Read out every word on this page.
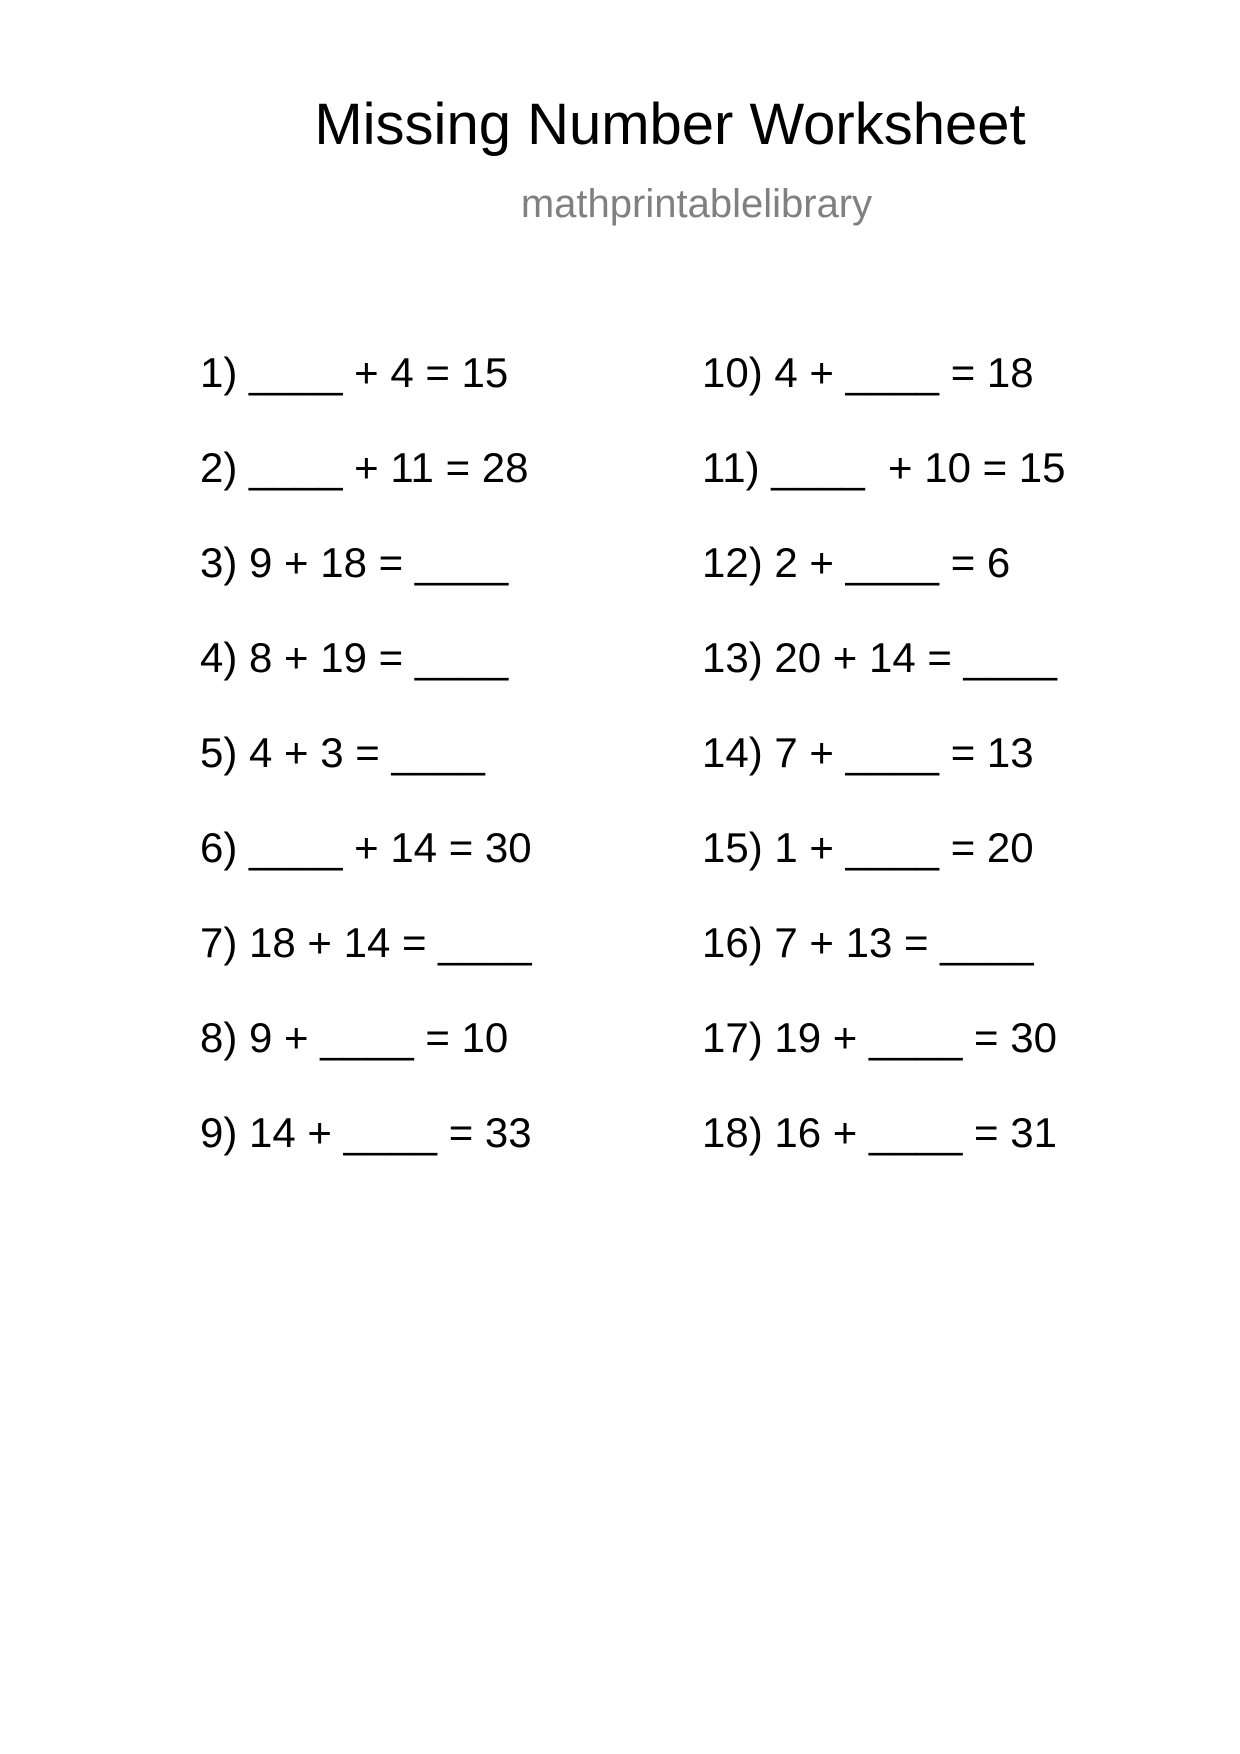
Missing Number Worksheet
mathprintablelibrary
1) ____ + 4 = 15
2) ____ + 11 = 28
3) 9 + 18 = ____
4) 8 + 19 = ____
5) 4 + 3 = ____
6) ____ + 14 = 30
7) 18 + 14 = ____
8) 9 + ____ = 10
9) 14 + ____ = 33
10) 4 + ____ = 18
11) ____  + 10 = 15
12) 2 + ____ = 6
13) 20 + 14 = ____
14) 7 + ____ = 13
15) 1 + ____ = 20
16) 7 + 13 = ____
17) 19 + ____ = 30
18) 16 + ____ = 31
